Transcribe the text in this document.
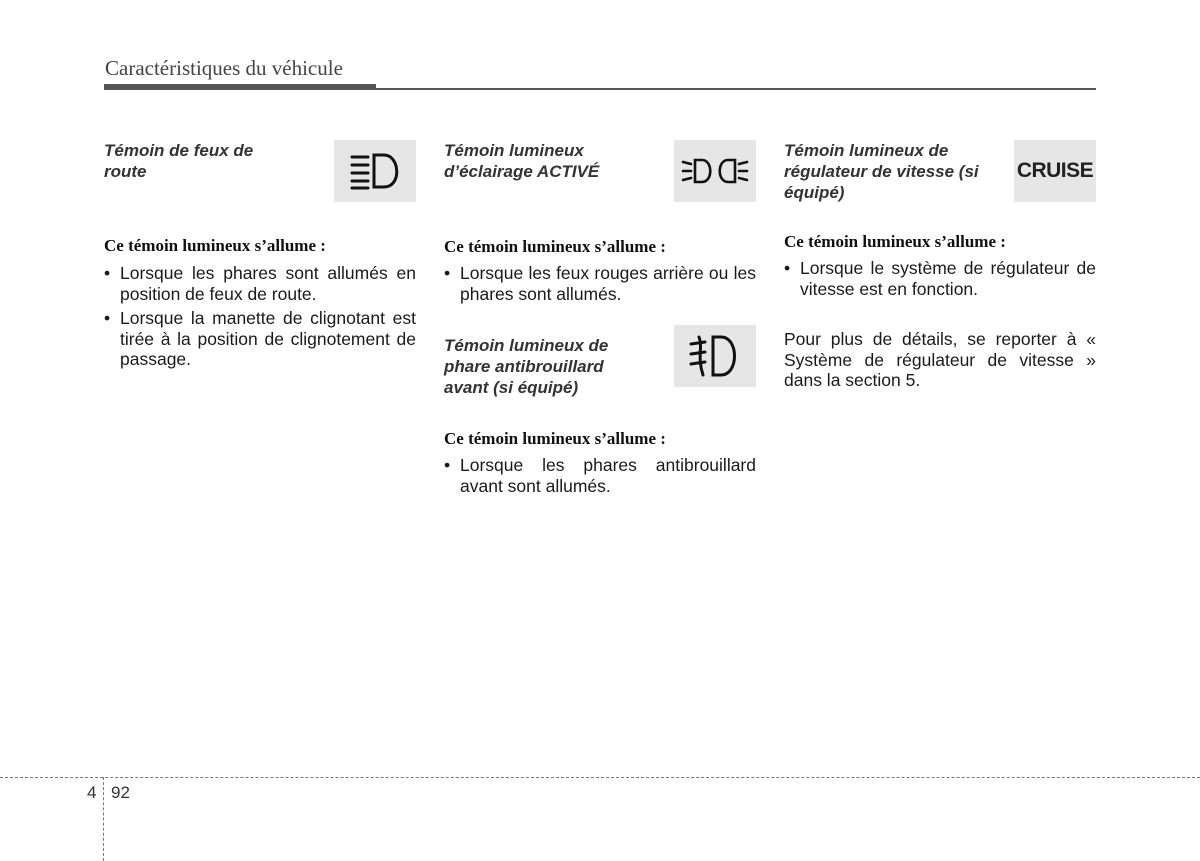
Caractéristiques du véhicule
Témoin de feux de route
Ce témoin lumineux s’allume :
• Lorsque les phares sont allumés en position de feux de route.
• Lorsque la manette de clignotant est tirée à la position de clignotement de passage.
Témoin lumineux d’éclairage ACTIVÉ
Ce témoin lumineux s’allume :
• Lorsque les feux rouges arrière ou les phares sont allumés.
Témoin lumineux de phare antibrouillard avant (si équipé)
Ce témoin lumineux s’allume :
• Lorsque les phares antibrouillard avant sont allumés.
Témoin lumineux de régulateur de vitesse (si équipé)
CRUISE
Ce témoin lumineux s’allume :
• Lorsque le système de régulateur de vitesse est en fonction.
Pour plus de détails, se reporter à « Système de régulateur de vitesse » dans la section 5.
4 92
